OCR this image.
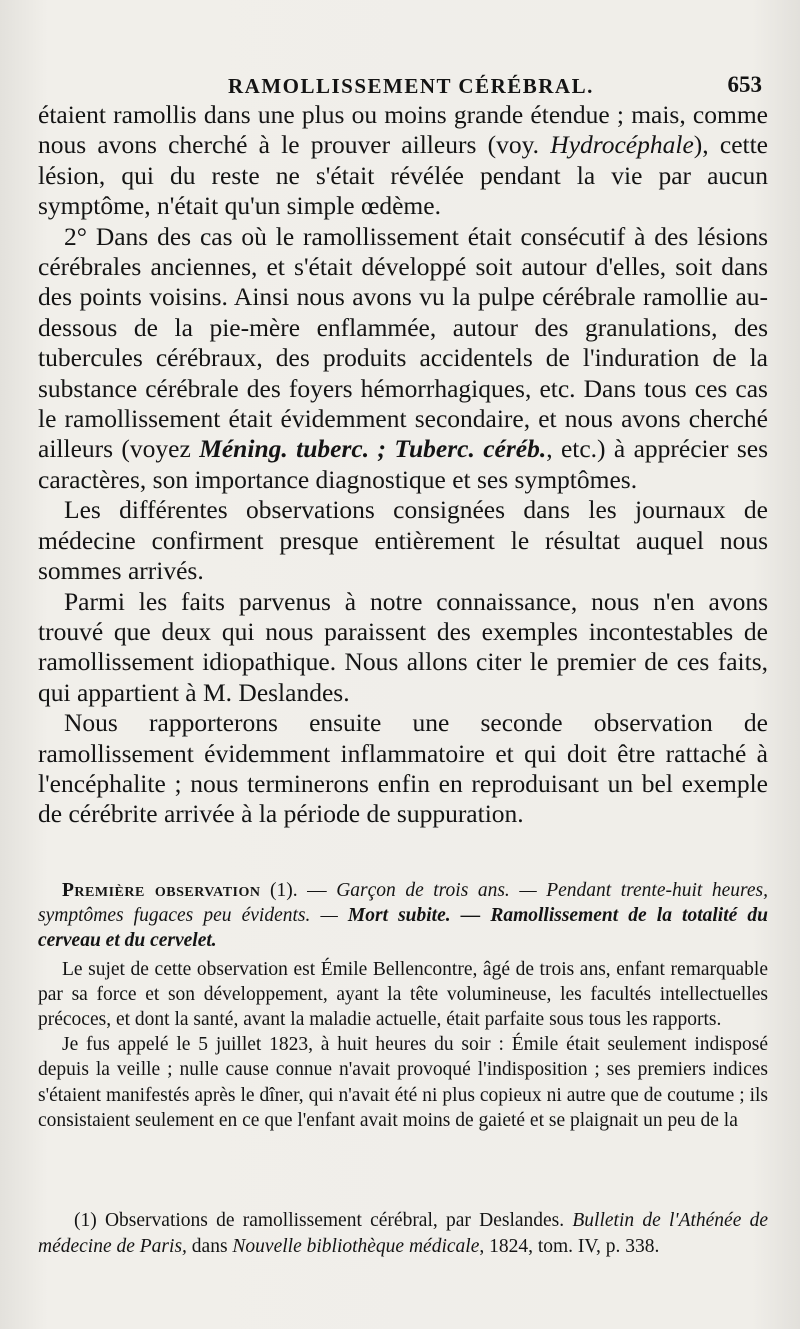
RAMOLLISSEMENT CÉRÉBRAL.	653

étaient ramollis dans une plus ou moins grande étendue ; mais, comme nous avons cherché à le prouver ailleurs (voy. Hydrocéphale), cette lésion, qui du reste ne s'était révélée pendant la vie par aucun symptôme, n'était qu'un simple œdème.

2° Dans des cas où le ramollissement était consécutif à des lésions cérébrales anciennes, et s'était développé soit autour d'elles, soit dans des points voisins. Ainsi nous avons vu la pulpe cérébrale ramollie au-dessous de la pie-mère enflammée, autour des granulations, des tubercules cérébraux, des produits accidentels de l'induration de la substance cérébrale des foyers hémorrhagiques, etc. Dans tous ces cas le ramollissement était évidemment secondaire, et nous avons cherché ailleurs (voyez Méning. tuberc. ; Tuberc. céréb., etc.) à apprécier ses caractères, son importance diagnostique et ses symptômes.

Les différentes observations consignées dans les journaux de médecine confirment presque entièrement le résultat auquel nous sommes arrivés.

Parmi les faits parvenus à notre connaissance, nous n'en avons trouvé que deux qui nous paraissent des exemples incontestables de ramollissement idiopathique. Nous allons citer le premier de ces faits, qui appartient à M. Deslandes.

Nous rapporterons ensuite une seconde observation de ramollissement évidemment inflammatoire et qui doit être rattaché à l'encéphalite ; nous terminerons enfin en reproduisant un bel exemple de cérébrite arrivée à la période de suppuration.

Première observation (1). — Garçon de trois ans. — Pendant trente-huit heures, symptômes fugaces peu évidents. — Mort subite. — Ramollissement de la totalité du cerveau et du cervelet.

Le sujet de cette observation est Émile Bellencontre, âgé de trois ans, enfant remarquable par sa force et son développement, ayant la tête volumineuse, les facultés intellectuelles précoces, et dont la santé, avant la maladie actuelle, était parfaite sous tous les rapports.

Je fus appelé le 5 juillet 1823, à huit heures du soir : Émile était seulement indisposé depuis la veille ; nulle cause connue n'avait provoqué l'indisposition ; ses premiers indices s'étaient manifestés après le dîner, qui n'avait été ni plus copieux ni autre que de coutume ; ils consistaient seulement en ce que l'enfant avait moins de gaieté et se plaignait un peu de la

(1) Observations de ramollissement cérébral, par Deslandes. Bulletin de l'Athénée de médecine de Paris, dans Nouvelle bibliothèque médicale, 1824, tom. IV, p. 338.
